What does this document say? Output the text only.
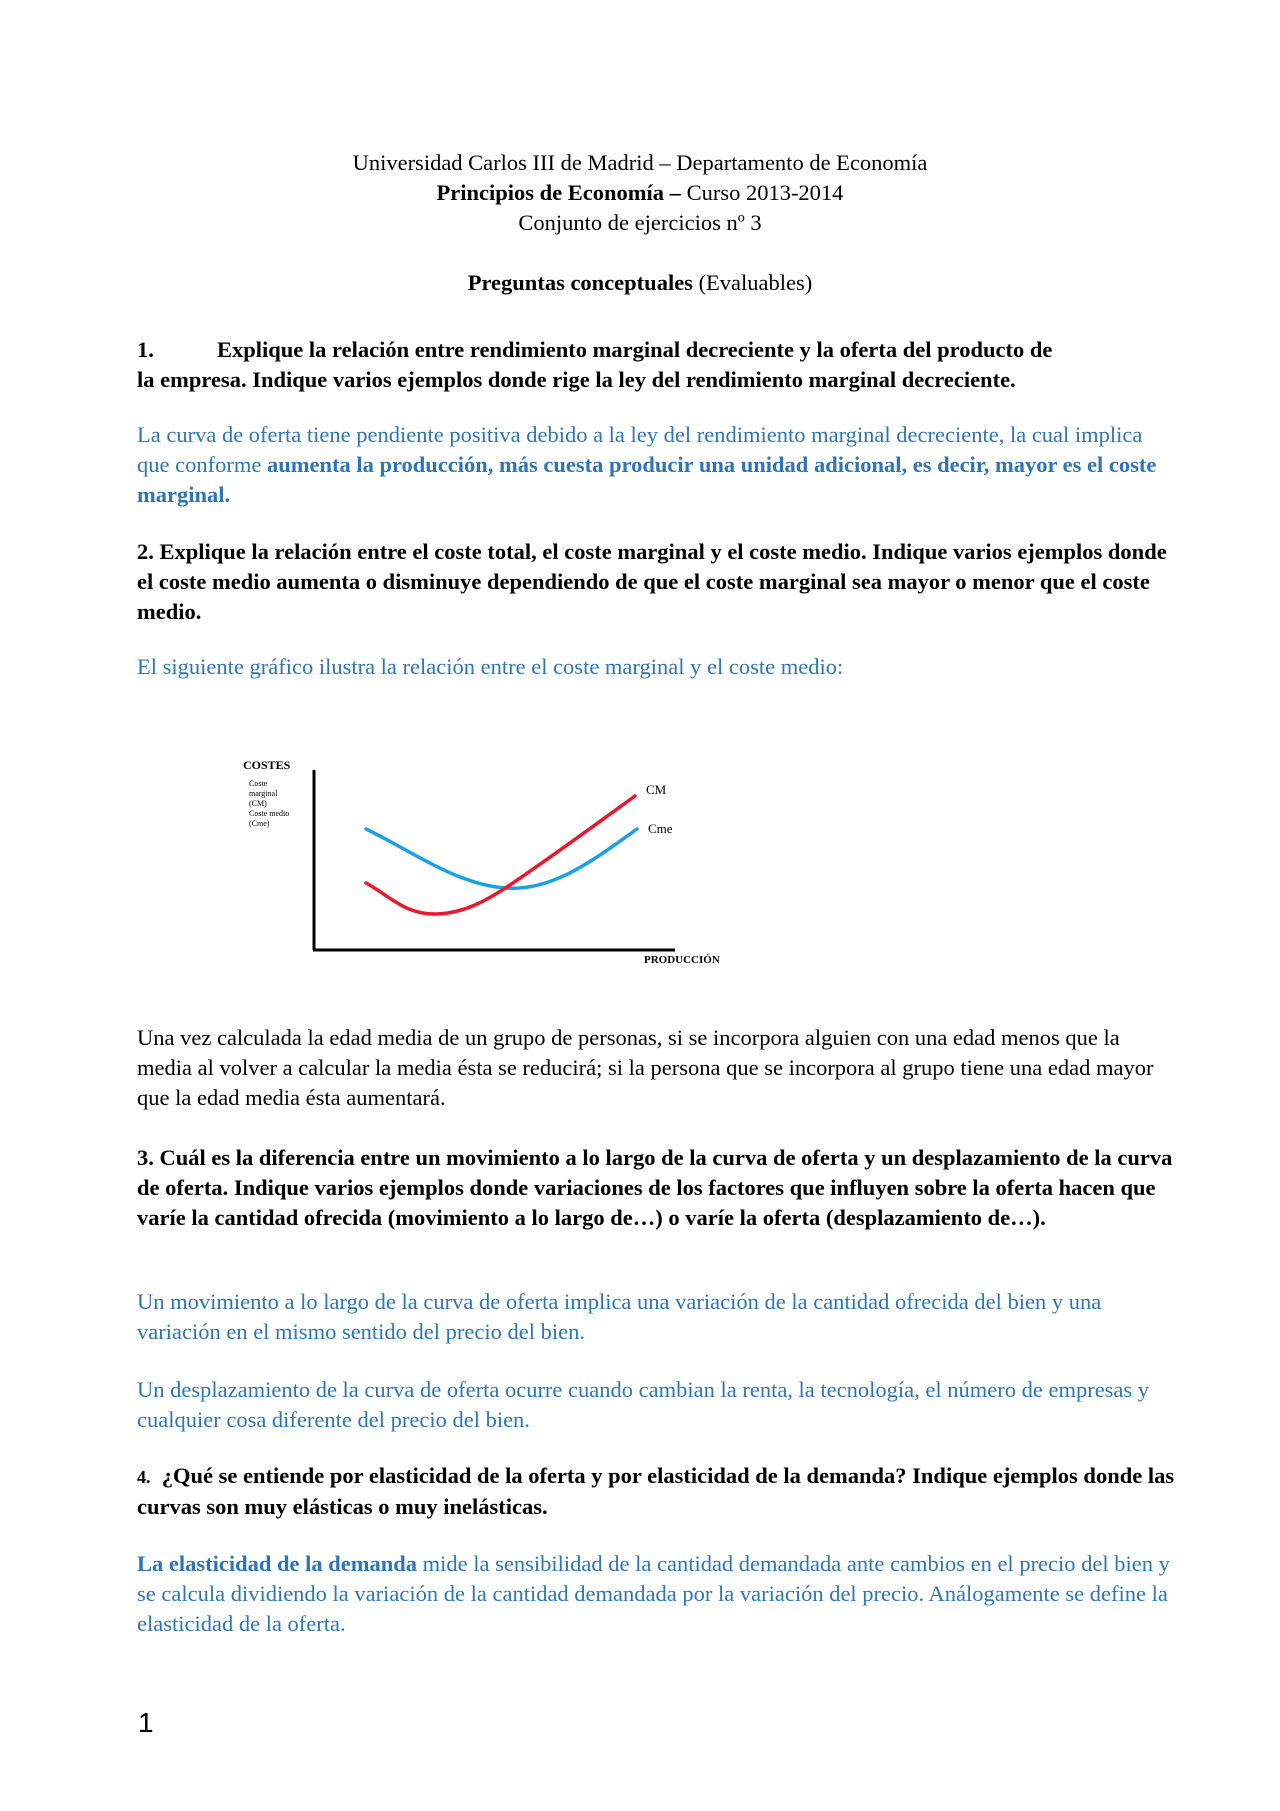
Universidad Carlos III de Madrid – Departamento de Economía
Principios de Economía – Curso 2013-2014
Conjunto de ejercicios nº 3
Preguntas conceptuales (Evaluables)
1.	Explique la relación entre rendimiento marginal decreciente y la oferta del producto de
la empresa. Indique varios ejemplos donde rige la ley del rendimiento marginal decreciente.
La curva de oferta tiene pendiente positiva debido a la ley del rendimiento marginal decreciente, la cual implica que conforme aumenta la producción, más cuesta producir una unidad adicional, es decir, mayor es el coste marginal.
2. Explique la relación entre el coste total, el coste marginal y el coste medio. Indique varios ejemplos donde el coste medio aumenta o disminuye dependiendo de que el coste marginal sea mayor o menor que el coste medio.
El siguiente gráfico ilustra la relación entre el coste marginal y el coste medio:
COSTES
Coste
marginal
(CM)
Coste medio
(Cme)
CM
Cme
PRODUCCIÓN
Una vez calculada la edad media de un grupo de personas, si se incorpora alguien con una edad menos que la media al volver a calcular la media ésta se reducirá; si la persona que se incorpora al grupo tiene una edad mayor que la edad media ésta aumentará.
3. Cuál es la diferencia entre un movimiento a lo largo de la curva de oferta y un desplazamiento de la curva de oferta. Indique varios ejemplos donde variaciones de los factores que influyen sobre la oferta hacen que varíe la cantidad ofrecida (movimiento a lo largo de…) o varíe la oferta (desplazamiento de…).
Un movimiento a lo largo de la curva de oferta implica una variación de la cantidad ofrecida del bien y una variación en el mismo sentido del precio del bien.
Un desplazamiento de la curva de oferta ocurre cuando cambian la renta, la tecnología, el número de empresas y cualquier cosa diferente del precio del bien.
4. ¿Qué se entiende por elasticidad de la oferta y por elasticidad de la demanda? Indique ejemplos donde las curvas son muy elásticas o muy inelásticas.
La elasticidad de la demanda mide la sensibilidad de la cantidad demandada ante cambios en el precio del bien y se calcula dividiendo la variación de la cantidad demandada por la variación del precio. Análogamente se define la elasticidad de la oferta.
1
